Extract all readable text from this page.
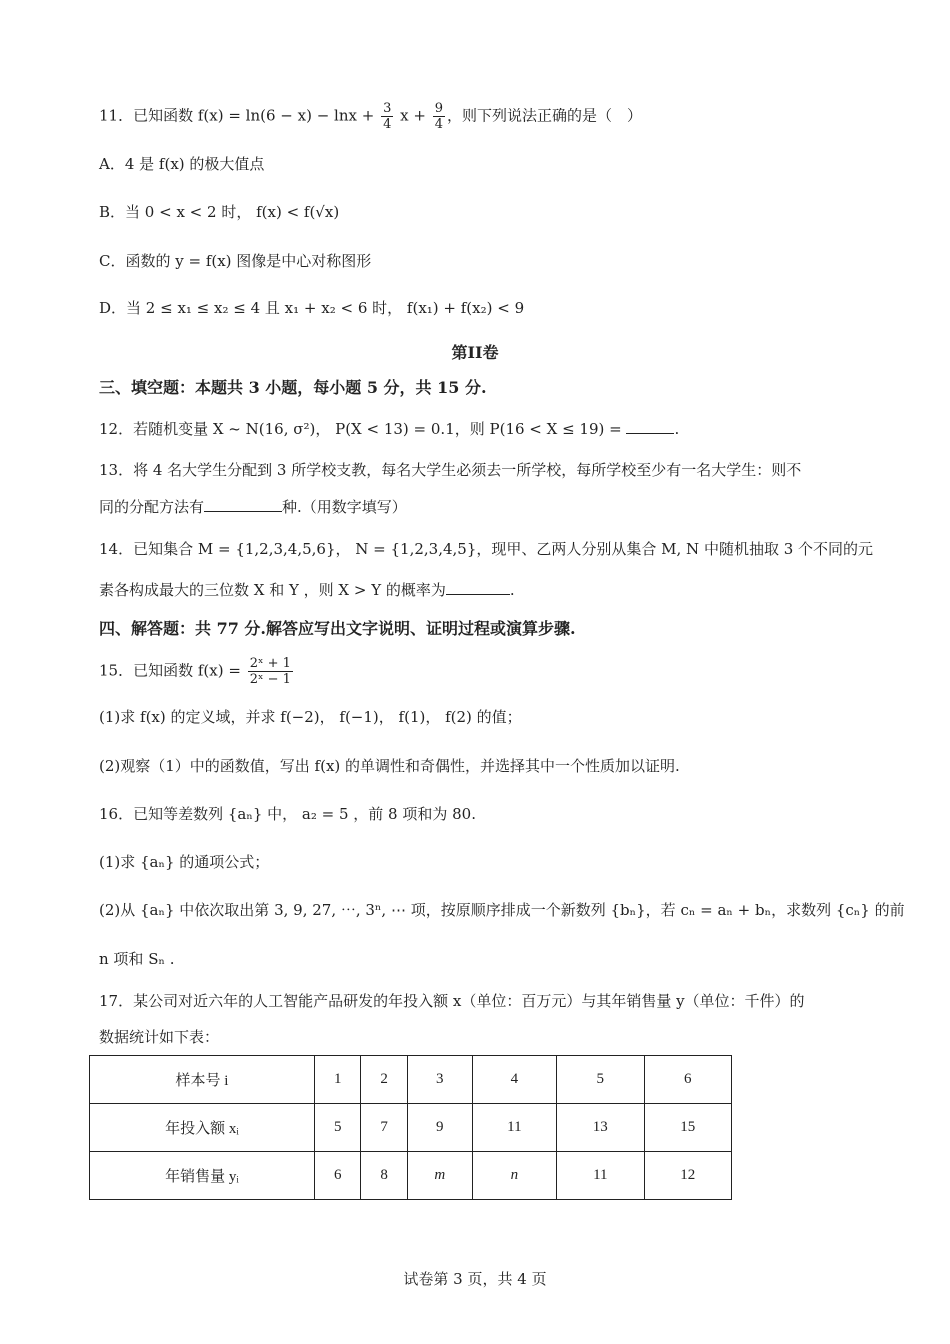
11．已知函数 $f(x) = \ln(6 - x) - \ln x + \frac{3}{4}$ $x + \frac{9}{4}$ ，则下列说法正确的是（　）
A．4 是 f(x) 的极大值点
B．当 0 < x < 2 时， f(x) < f(√x)
C．函数的 y = f(x) 图像是中心对称图形
D．当 2 ≤ x₁ ≤ x₂ ≤ 4 且 x₁ + x₂ < 6 时， f(x₁) + f(x₂) < 9
第II卷
三、填空题：本题共 3 小题，每小题 5 分，共 15 分.
12．若随机变量 X ~ N(16, σ²)， P(X < 13) = 0.1，则 P(16 < X ≤ 19) =	.
13．将 4 名大学生分配到 3 所学校支教，每名大学生必须去一所学校，每所学校至少有一名大学生：则不
同的分配方法有	种.（用数字填写）
14．已知集合 M = {1,2,3,4,5,6}， N = {1,2,3,4,5}，现甲、乙两人分别从集合 M, N 中随机抽取 3 个不同的元
素各构成最大的三位数 X 和 Y ，则 X > Y 的概率为	.
四、解答题：共 77 分.解答应写出文字说明、证明过程或演算步骤.
15．已知函数 $f(x) = \frac{\text{2ˣ + 1}}{\text{2ˣ − 1}}$
(1)求 f(x) 的定义域，并求 f(−2)， f(−1)， f(1)， f(2) 的值；
(2)观察（1）中的函数值，写出 f(x) 的单调性和奇偶性，并选择其中一个性质加以证明.
16．已知等差数列 {aₙ} 中， a₂ = 5 ，前 8 项和为 80.
(1)求 {aₙ} 的通项公式；
(2)从 {aₙ} 中依次取出第 3, 9, 27, ⋯, 3ⁿ, ⋯ 项，按原顺序排成一个新数列 {bₙ}，若 cₙ = aₙ + bₙ，求数列 {cₙ} 的前
n 项和 Sₙ .
17．某公司对近六年的人工智能产品研发的年投入额 x（单位：百万元）与其年销售量 y（单位：千件）的
数据统计如下表：
样本号 i	1	2	3	4	5	6
年投入额 xᵢ	5	7	9	11	13	15
年销售量 yᵢ	6	8	m	n	11	12
试卷第 3 页，共 4 页
